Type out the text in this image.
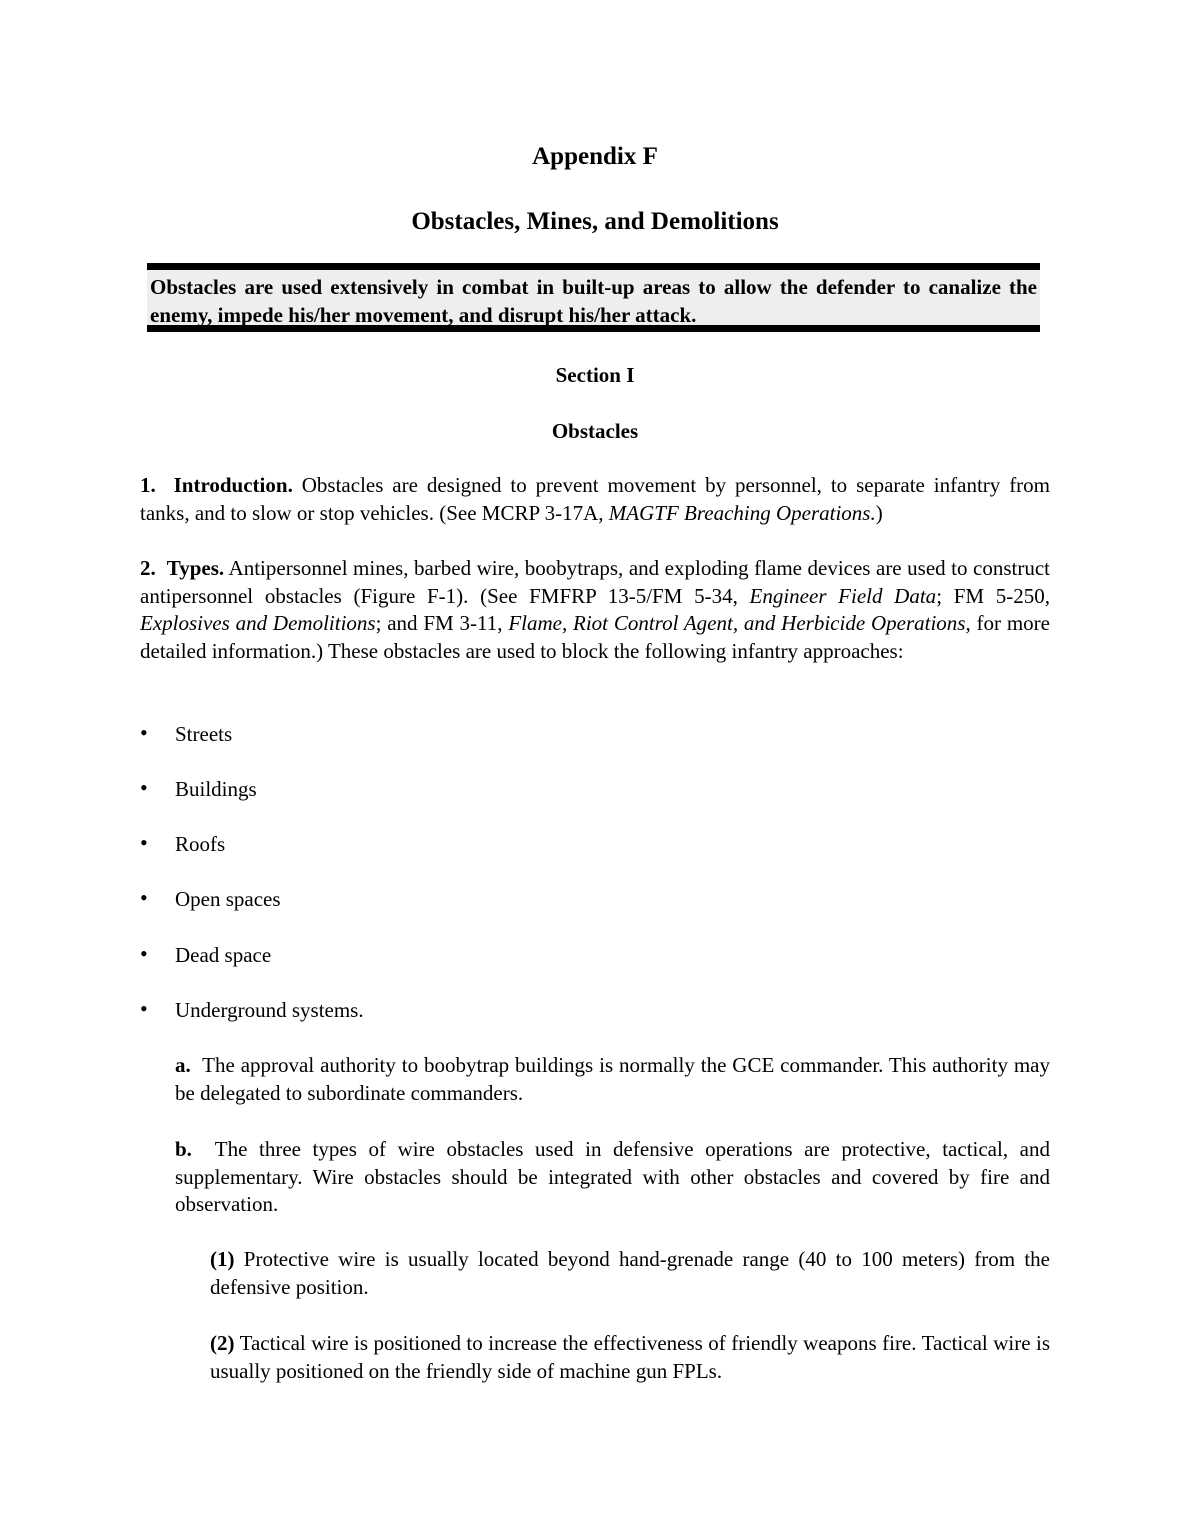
Appendix F
Obstacles, Mines, and Demolitions
Obstacles are used extensively in combat in built-up areas to allow the defender to canalize the enemy, impede his/her movement, and disrupt his/her attack.
Section I
Obstacles
1. Introduction. Obstacles are designed to prevent movement by personnel, to separate infantry from tanks, and to slow or stop vehicles. (See MCRP 3-17A, MAGTF Breaching Operations.)
2. Types. Antipersonnel mines, barbed wire, boobytraps, and exploding flame devices are used to construct antipersonnel obstacles (Figure F-1). (See FMFRP 13-5/FM 5-34, Engineer Field Data; FM 5-250, Explosives and Demolitions; and FM 3-11, Flame, Riot Control Agent, and Herbicide Operations, for more detailed information.) These obstacles are used to block the following infantry approaches:
• Streets
• Buildings
• Roofs
• Open spaces
• Dead space
• Underground systems.
a. The approval authority to boobytrap buildings is normally the GCE commander. This authority may be delegated to subordinate commanders.
b. The three types of wire obstacles used in defensive operations are protective, tactical, and supplementary. Wire obstacles should be integrated with other obstacles and covered by fire and observation.
(1) Protective wire is usually located beyond hand-grenade range (40 to 100 meters) from the defensive position.
(2) Tactical wire is positioned to increase the effectiveness of friendly weapons fire. Tactical wire is usually positioned on the friendly side of machine gun FPLs.
